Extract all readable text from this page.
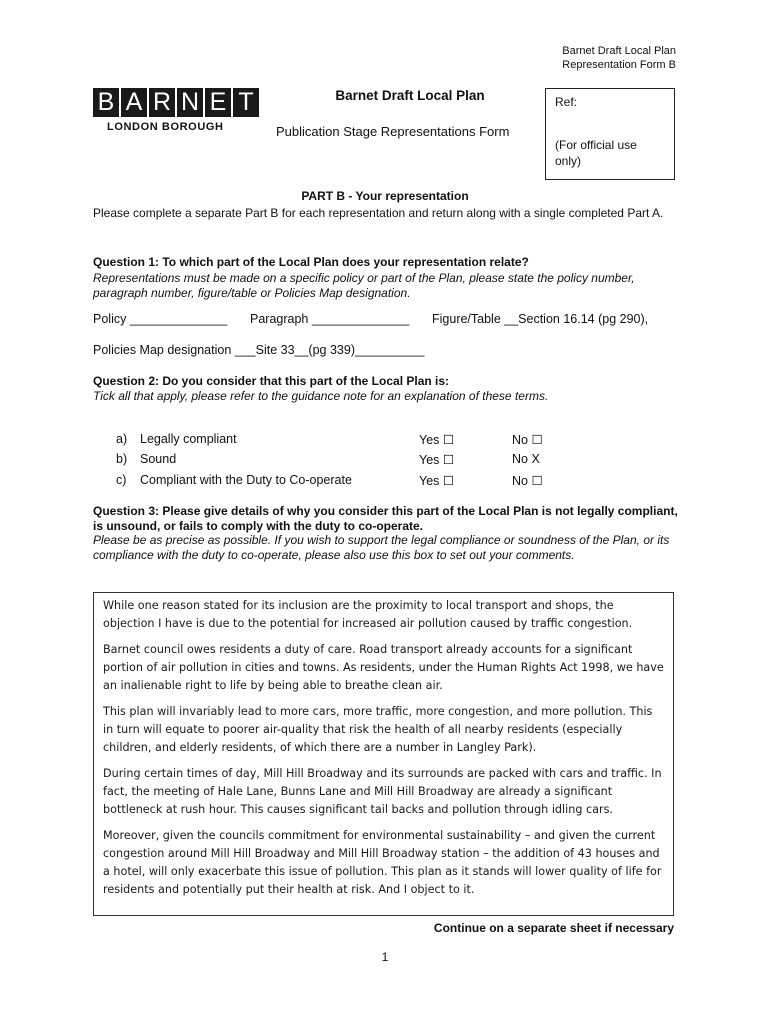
Barnet Draft Local Plan
Representation Form B
B A R N E T
LONDON BOROUGH
Barnet Draft Local Plan
Publication Stage Representations Form
Ref:
(For official use
only)
PART B - Your representation
Please complete a separate Part B for each representation and return along with a single completed Part A.
Question 1: To which part of the Local Plan does your representation relate?
Representations must be made on a specific policy or part of the Plan, please state the policy number, paragraph number, figure/table or Policies Map designation.
Policy ______________ Paragraph ______________ Figure/Table __Section 16.14 (pg 290),
Policies Map designation ___Site 33__(pg 339)__________
Question 2: Do you consider that this part of the Local Plan is:
Tick all that apply, please refer to the guidance note for an explanation of these terms.
a) Legally compliant	Yes ☐	No ☐
b) Sound	Yes ☐	No X
c) Compliant with the Duty to Co-operate	Yes ☐	No ☐
Question 3: Please give details of why you consider this part of the Local Plan is not legally compliant, is unsound, or fails to comply with the duty to co-operate.
Please be as precise as possible. If you wish to support the legal compliance or soundness of the Plan, or its compliance with the duty to co-operate, please also use this box to set out your comments.

While one reason stated for its inclusion are the proximity to local transport and shops, the objection I have is due to the potential for increased air pollution caused by traffic congestion.

Barnet council owes residents a duty of care. Road transport already accounts for a significant portion of air pollution in cities and towns. As residents, under the Human Rights Act 1998, we have an inalienable right to life by being able to breathe clean air.

This plan will invariably lead to more cars, more traffic, more congestion, and more pollution. This in turn will equate to poorer air-quality that risk the health of all nearby residents (especially children, and elderly residents, of which there are a number in Langley Park).

During certain times of day, Mill Hill Broadway and its surrounds are packed with cars and traffic. In fact, the meeting of Hale Lane, Bunns Lane and Mill Hill Broadway are already a significant bottleneck at rush hour. This causes significant tail backs and pollution through idling cars.

Moreover, given the councils commitment for environmental sustainability – and given the current congestion around Mill Hill Broadway and Mill Hill Broadway station – the addition of 43 houses and a hotel, will only exacerbate this issue of pollution. This plan as it stands will lower quality of life for residents and potentially put their health at risk. And I object to it.

Continue on a separate sheet if necessary
1
